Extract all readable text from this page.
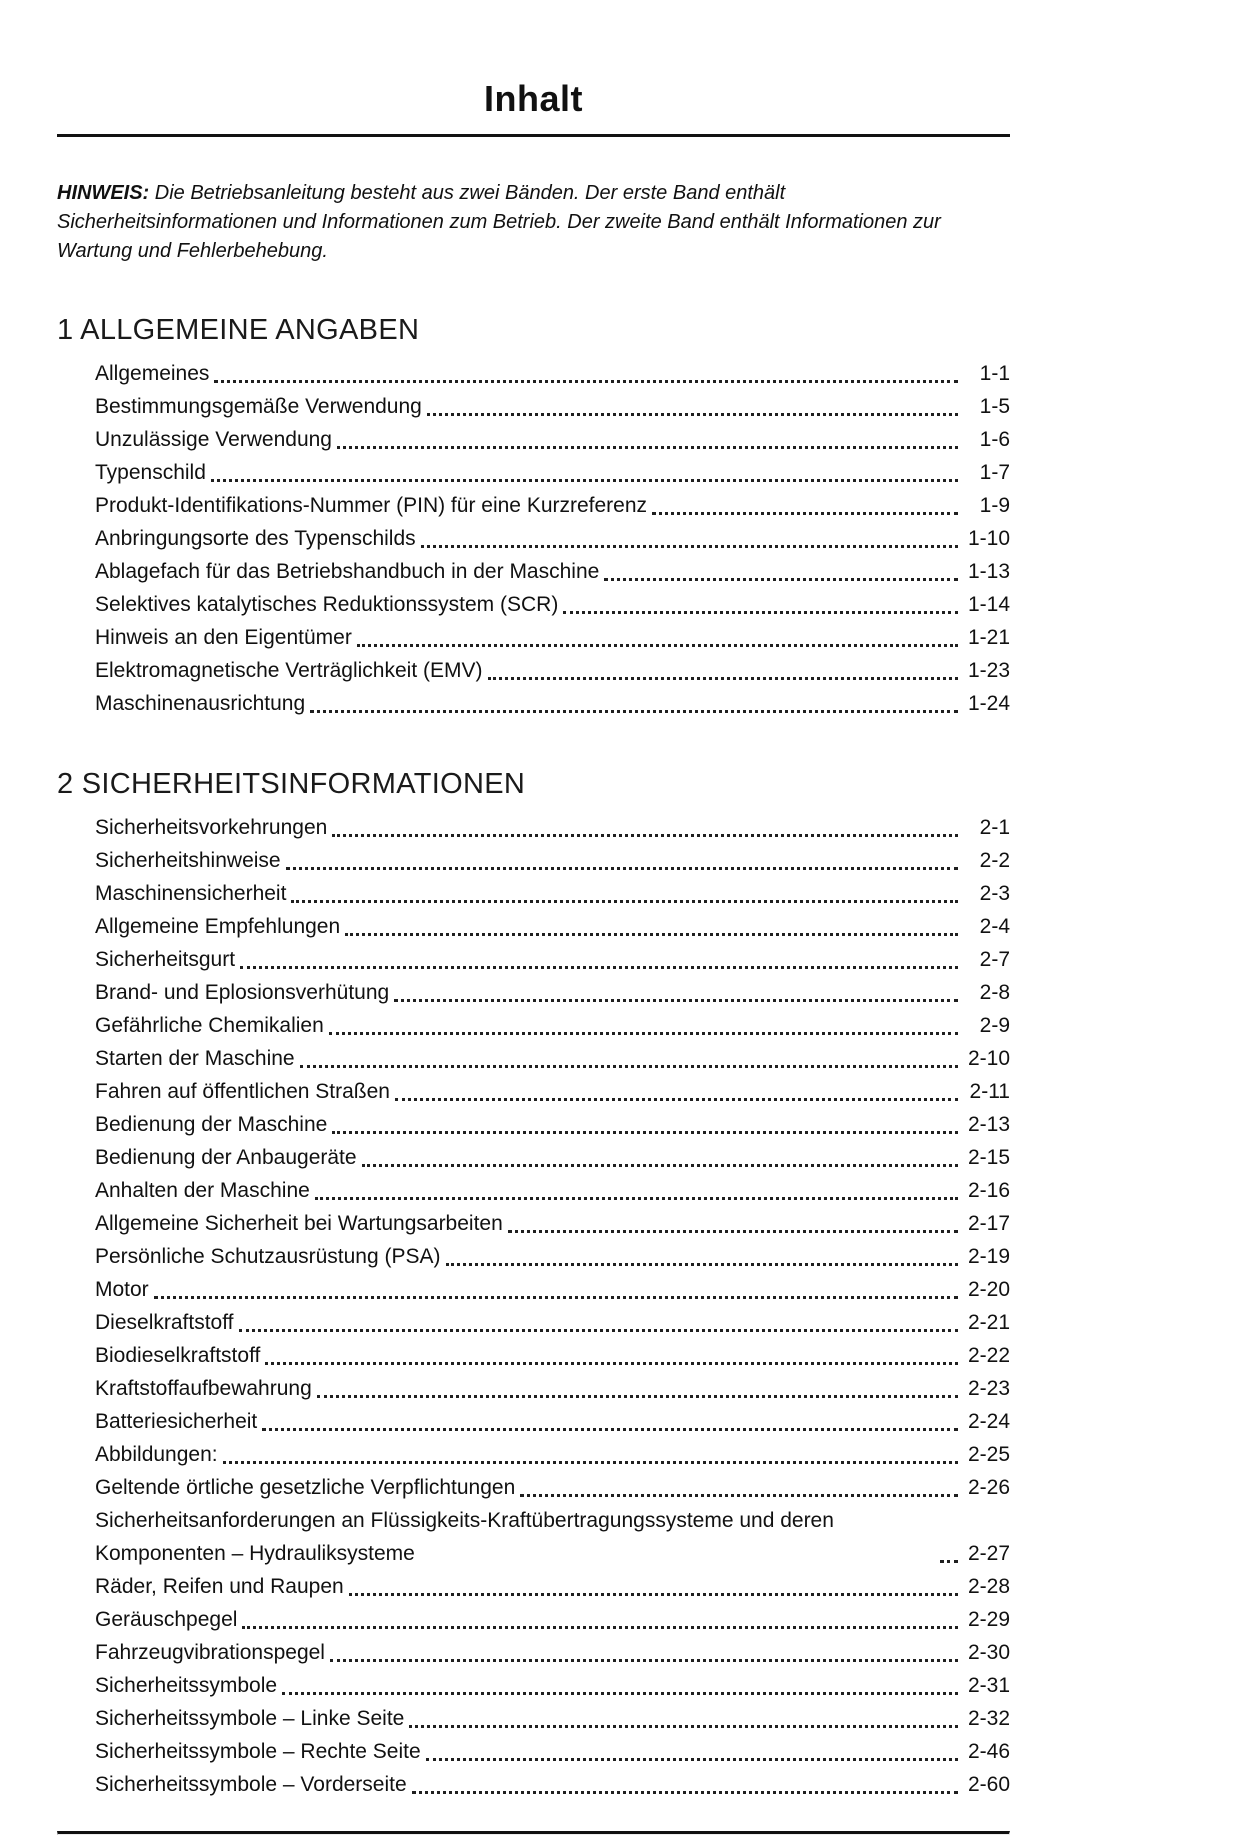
Inhalt

HINWEIS: Die Betriebsanleitung besteht aus zwei Bänden. Der erste Band enthält Sicherheitsinformationen und Informationen zum Betrieb. Der zweite Band enthält Informationen zur Wartung und Fehlerbehebung.

1 ALLGEMEINE ANGABEN
Allgemeines	1-1
Bestimmungsgemäße Verwendung	1-5
Unzulässige Verwendung	1-6
Typenschild	1-7
Produkt-Identifikations-Nummer (PIN) für eine Kurzreferenz	1-9
Anbringungsorte des Typenschilds	1-10
Ablagefach für das Betriebshandbuch in der Maschine	1-13
Selektives katalytisches Reduktionssystem (SCR)	1-14
Hinweis an den Eigentümer	1-21
Elektromagnetische Verträglichkeit (EMV)	1-23
Maschinenausrichtung	1-24
2 SICHERHEITSINFORMATIONEN
Sicherheitsvorkehrungen	2-1
Sicherheitshinweise	2-2
Maschinensicherheit	2-3
Allgemeine Empfehlungen	2-4
Sicherheitsgurt	2-7
Brand- und Eplosionsverhütung	2-8
Gefährliche Chemikalien	2-9
Starten der Maschine	2-10
Fahren auf öffentlichen Straßen	2-11
Bedienung der Maschine	2-13
Bedienung der Anbaugeräte	2-15
Anhalten der Maschine	2-16
Allgemeine Sicherheit bei Wartungsarbeiten	2-17
Persönliche Schutzausrüstung (PSA)	2-19
Motor	2-20
Dieselkraftstoff	2-21
Biodieselkraftstoff	2-22
Kraftstoffaufbewahrung	2-23
Batteriesicherheit	2-24
Abbildungen:	2-25
Geltende örtliche gesetzliche Verpflichtungen	2-26
Sicherheitsanforderungen an Flüssigkeits-Kraftübertragungssysteme und deren Komponenten – Hydrauliksysteme	2-27
Räder, Reifen und Raupen	2-28
Geräuschpegel	2-29
Fahrzeugvibrationspegel	2-30
Sicherheitssymbole	2-31
Sicherheitssymbole – Linke Seite	2-32
Sicherheitssymbole – Rechte Seite	2-46
Sicherheitssymbole – Vorderseite	2-60
